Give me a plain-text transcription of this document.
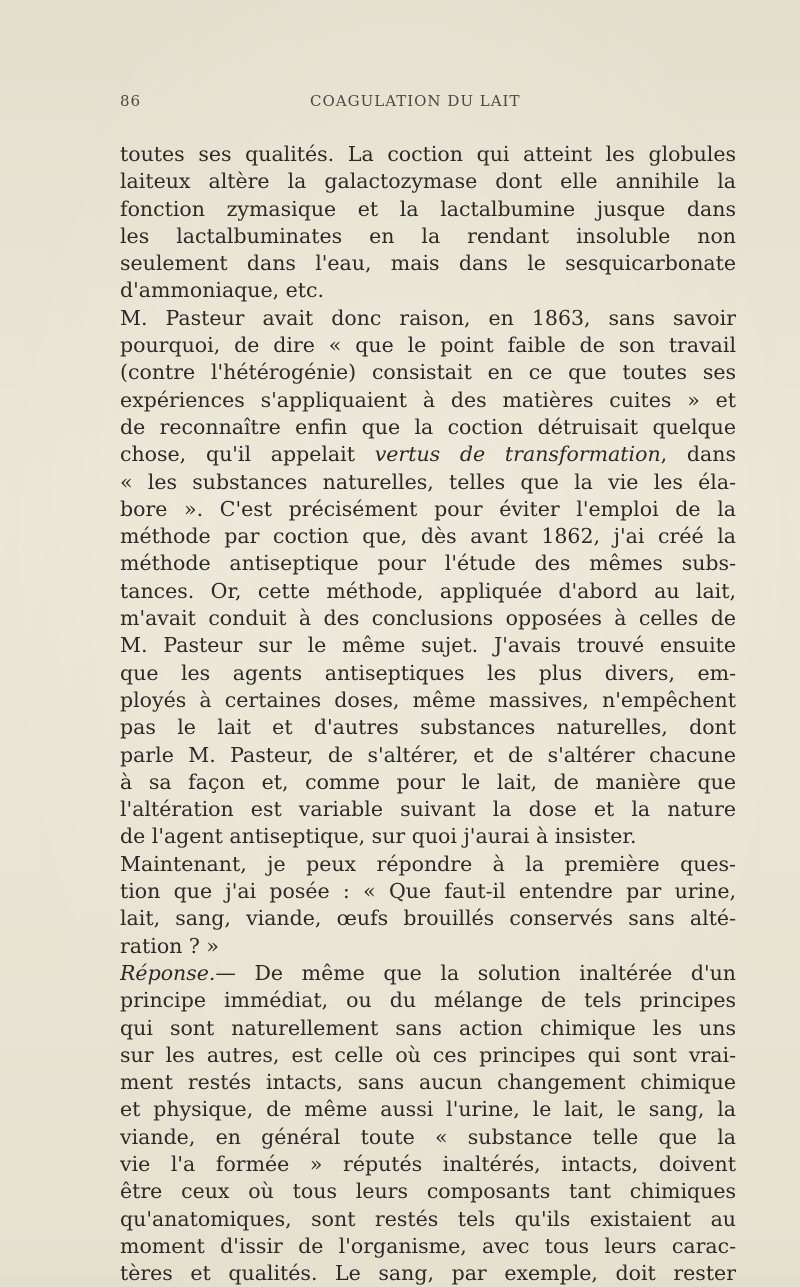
86	COAGULATION DU LAIT
toutes ses qualités. La coction qui atteint les globules
laiteux altère la galactozymase dont elle annihile la
fonction zymasique et la lactalbumine jusque dans
les lactalbuminates en la rendant insoluble non
seulement dans l'eau, mais dans le sesquicarbonate
d'ammoniaque, etc.
M. Pasteur avait donc raison, en 1863, sans savoir
pourquoi, de dire « que le point faible de son travail
(contre l'hétérogénie) consistait en ce que toutes ses
expériences s'appliquaient à des matières cuites » et
de reconnaître enfin que la coction détruisait quelque
chose, qu'il appelait vertus de transformation, dans
« les substances naturelles, telles que la vie les éla-
bore ». C'est précisément pour éviter l'emploi de la
méthode par coction que, dès avant 1862, j'ai créé la
méthode antiseptique pour l'étude des mêmes subs-
tances. Or, cette méthode, appliquée d'abord au lait,
m'avait conduit à des conclusions opposées à celles de
M. Pasteur sur le même sujet. J'avais trouvé ensuite
que les agents antiseptiques les plus divers, em-
ployés à certaines doses, même massives, n'empêchent
pas le lait et d'autres substances naturelles, dont
parle M. Pasteur, de s'altérer, et de s'altérer chacune
à sa façon et, comme pour le lait, de manière que
l'altération est variable suivant la dose et la nature
de l'agent antiseptique, sur quoi j'aurai à insister.
Maintenant, je peux répondre à la première ques-
tion que j'ai posée : « Que faut-il entendre par urine,
lait, sang, viande, œufs brouillés conservés sans alté-
ration ? »
Réponse.— De même que la solution inaltérée d'un
principe immédiat, ou du mélange de tels principes
qui sont naturellement sans action chimique les uns
sur les autres, est celle où ces principes qui sont vrai-
ment restés intacts, sans aucun changement chimique
et physique, de même aussi l'urine, le lait, le sang, la
viande, en général toute « substance telle que la
vie l'a formée » réputés inaltérés, intacts, doivent
être ceux où tous leurs composants tant chimiques
qu'anatomiques, sont restés tels qu'ils existaient au
moment d'issir de l'organisme, avec tous leurs carac-
tères et qualités. Le sang, par exemple, doit rester
